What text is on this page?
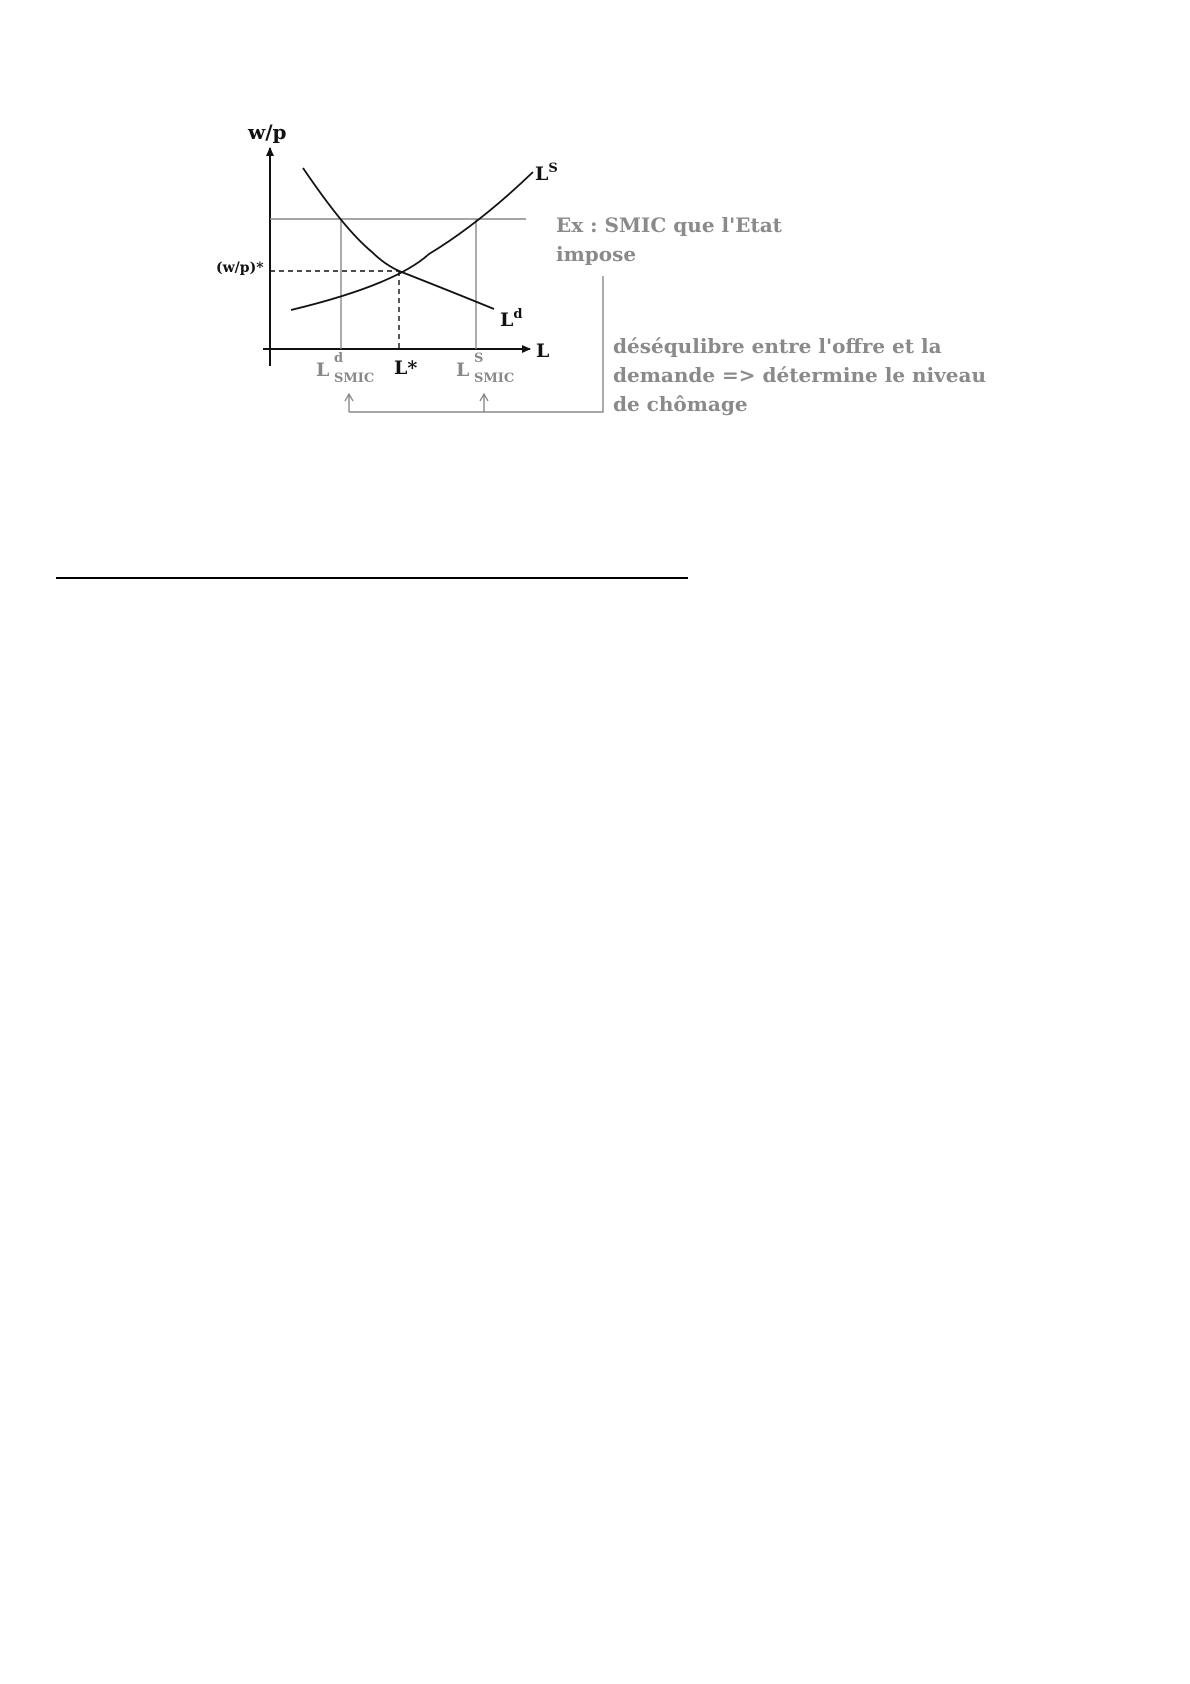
w/p
L
$L^S$
$L^d$
(w/p)*
L*
L
d
SMIC	L
S
SMIC

Ex : SMIC que l'Etat impose

déséqulibre entre l'offre et la demande => détermine le niveau de chômage
